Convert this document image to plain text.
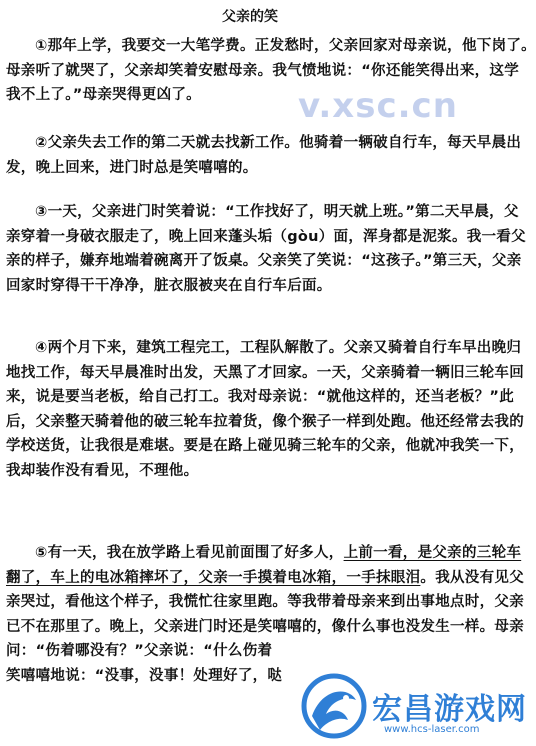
父亲的笑
①那年上学，我要交一大笔学费。正发愁时，父亲回家对母亲说，他下岗了。
母亲听了就哭了，父亲却笑着安慰母亲。我气愤地说：“你还能笑得出来，这学
我不上了。”母亲哭得更凶了。
②父亲失去工作的第二天就去找新工作。他骑着一辆破自行车，每天早晨出
发，晚上回来，进门时总是笑嘻嘻的。
③一天，父亲进门时笑着说：“工作找好了，明天就上班。”第二天早晨，父
亲穿着一身破衣服走了，晚上回来蓬头垢（gòu）面，浑身都是泥浆。我一看父
亲的样子，嫌弃地端着碗离开了饭桌。父亲笑了笑说：“这孩子。”第三天，父亲
回家时穿得干干净净，脏衣服被夹在自行车后面。
④两个月下来，建筑工程完工，工程队解散了。父亲又骑着自行车早出晚归
地找工作，每天早晨准时出发，天黑了才回家。一天，父亲骑着一辆旧三轮车回
来，说是要当老板，给自己打工。我对母亲说：“就他这样的，还当老板？”此
后，父亲整天骑着他的破三轮车拉着货，像个猴子一样到处跑。他还经常去我的
学校送货，让我很是难堪。要是在路上碰见骑三轮车的父亲，他就冲我笑一下，
我却装作没有看见，不理他。
⑤有一天，我在放学路上看见前面围了好多人，上前一看，是父亲的三轮车
翻了，车上的电冰箱摔坏了，父亲一手摸着电冰箱，一手抹眼泪。我从没有见父
亲哭过，看他这个样子，我慌忙往家里跑。等我带着母亲来到出事地点时，父亲
已不在那里了。晚上，父亲进门时还是笑嘻嘻的，像什么事也没发生一样。母亲
问：“伤着哪没有？”父亲说：“什么伤着
笑嘻嘻地说：“没事，没事！处理好了，哒
v.xsc.cn
宏昌游戏网
www.hcs-laser.com
